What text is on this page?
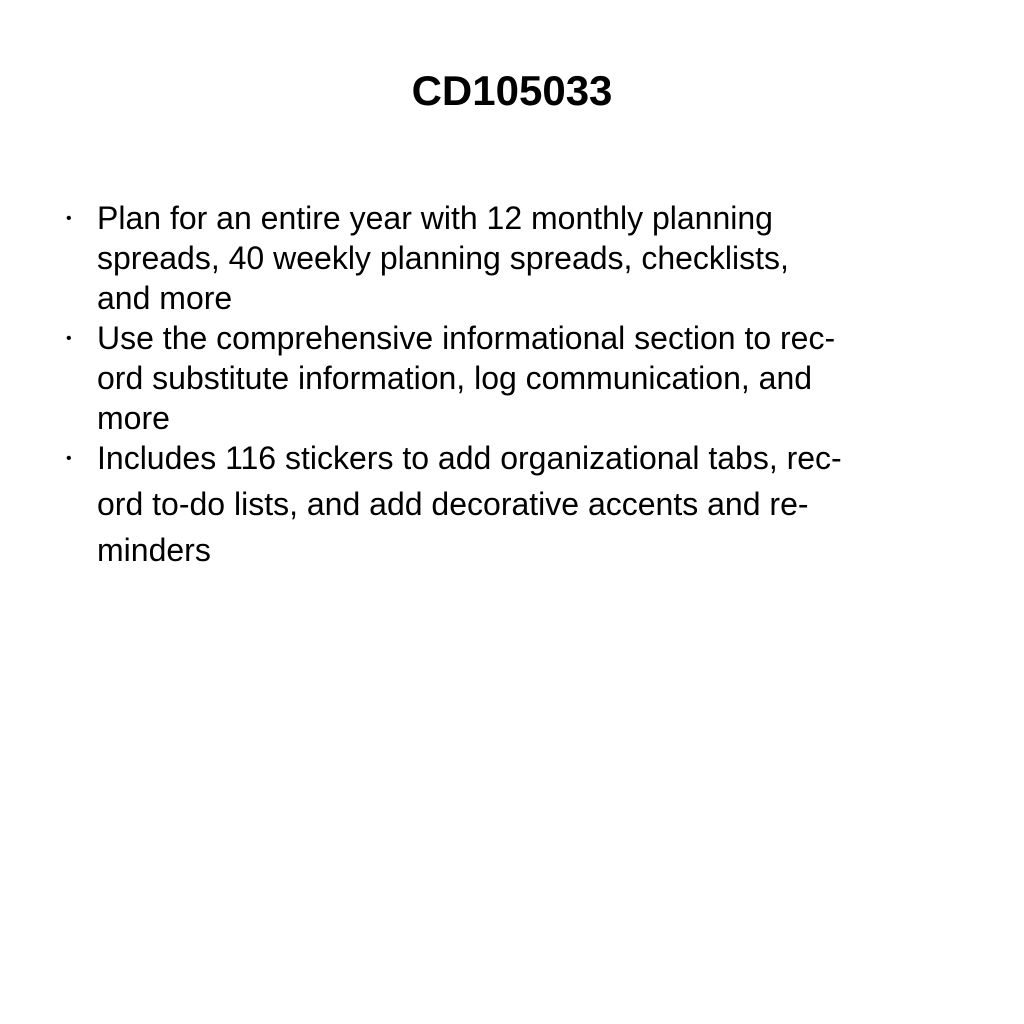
CD105033
• Plan for an entire year with 12 monthly planning
spreads, 40 weekly planning spreads, checklists,
and more
• Use the comprehensive informational section to rec-
ord substitute information, log communication, and
more
• Includes 116 stickers to add organizational tabs, rec-
ord to-do lists, and add decorative accents and re-
minders
